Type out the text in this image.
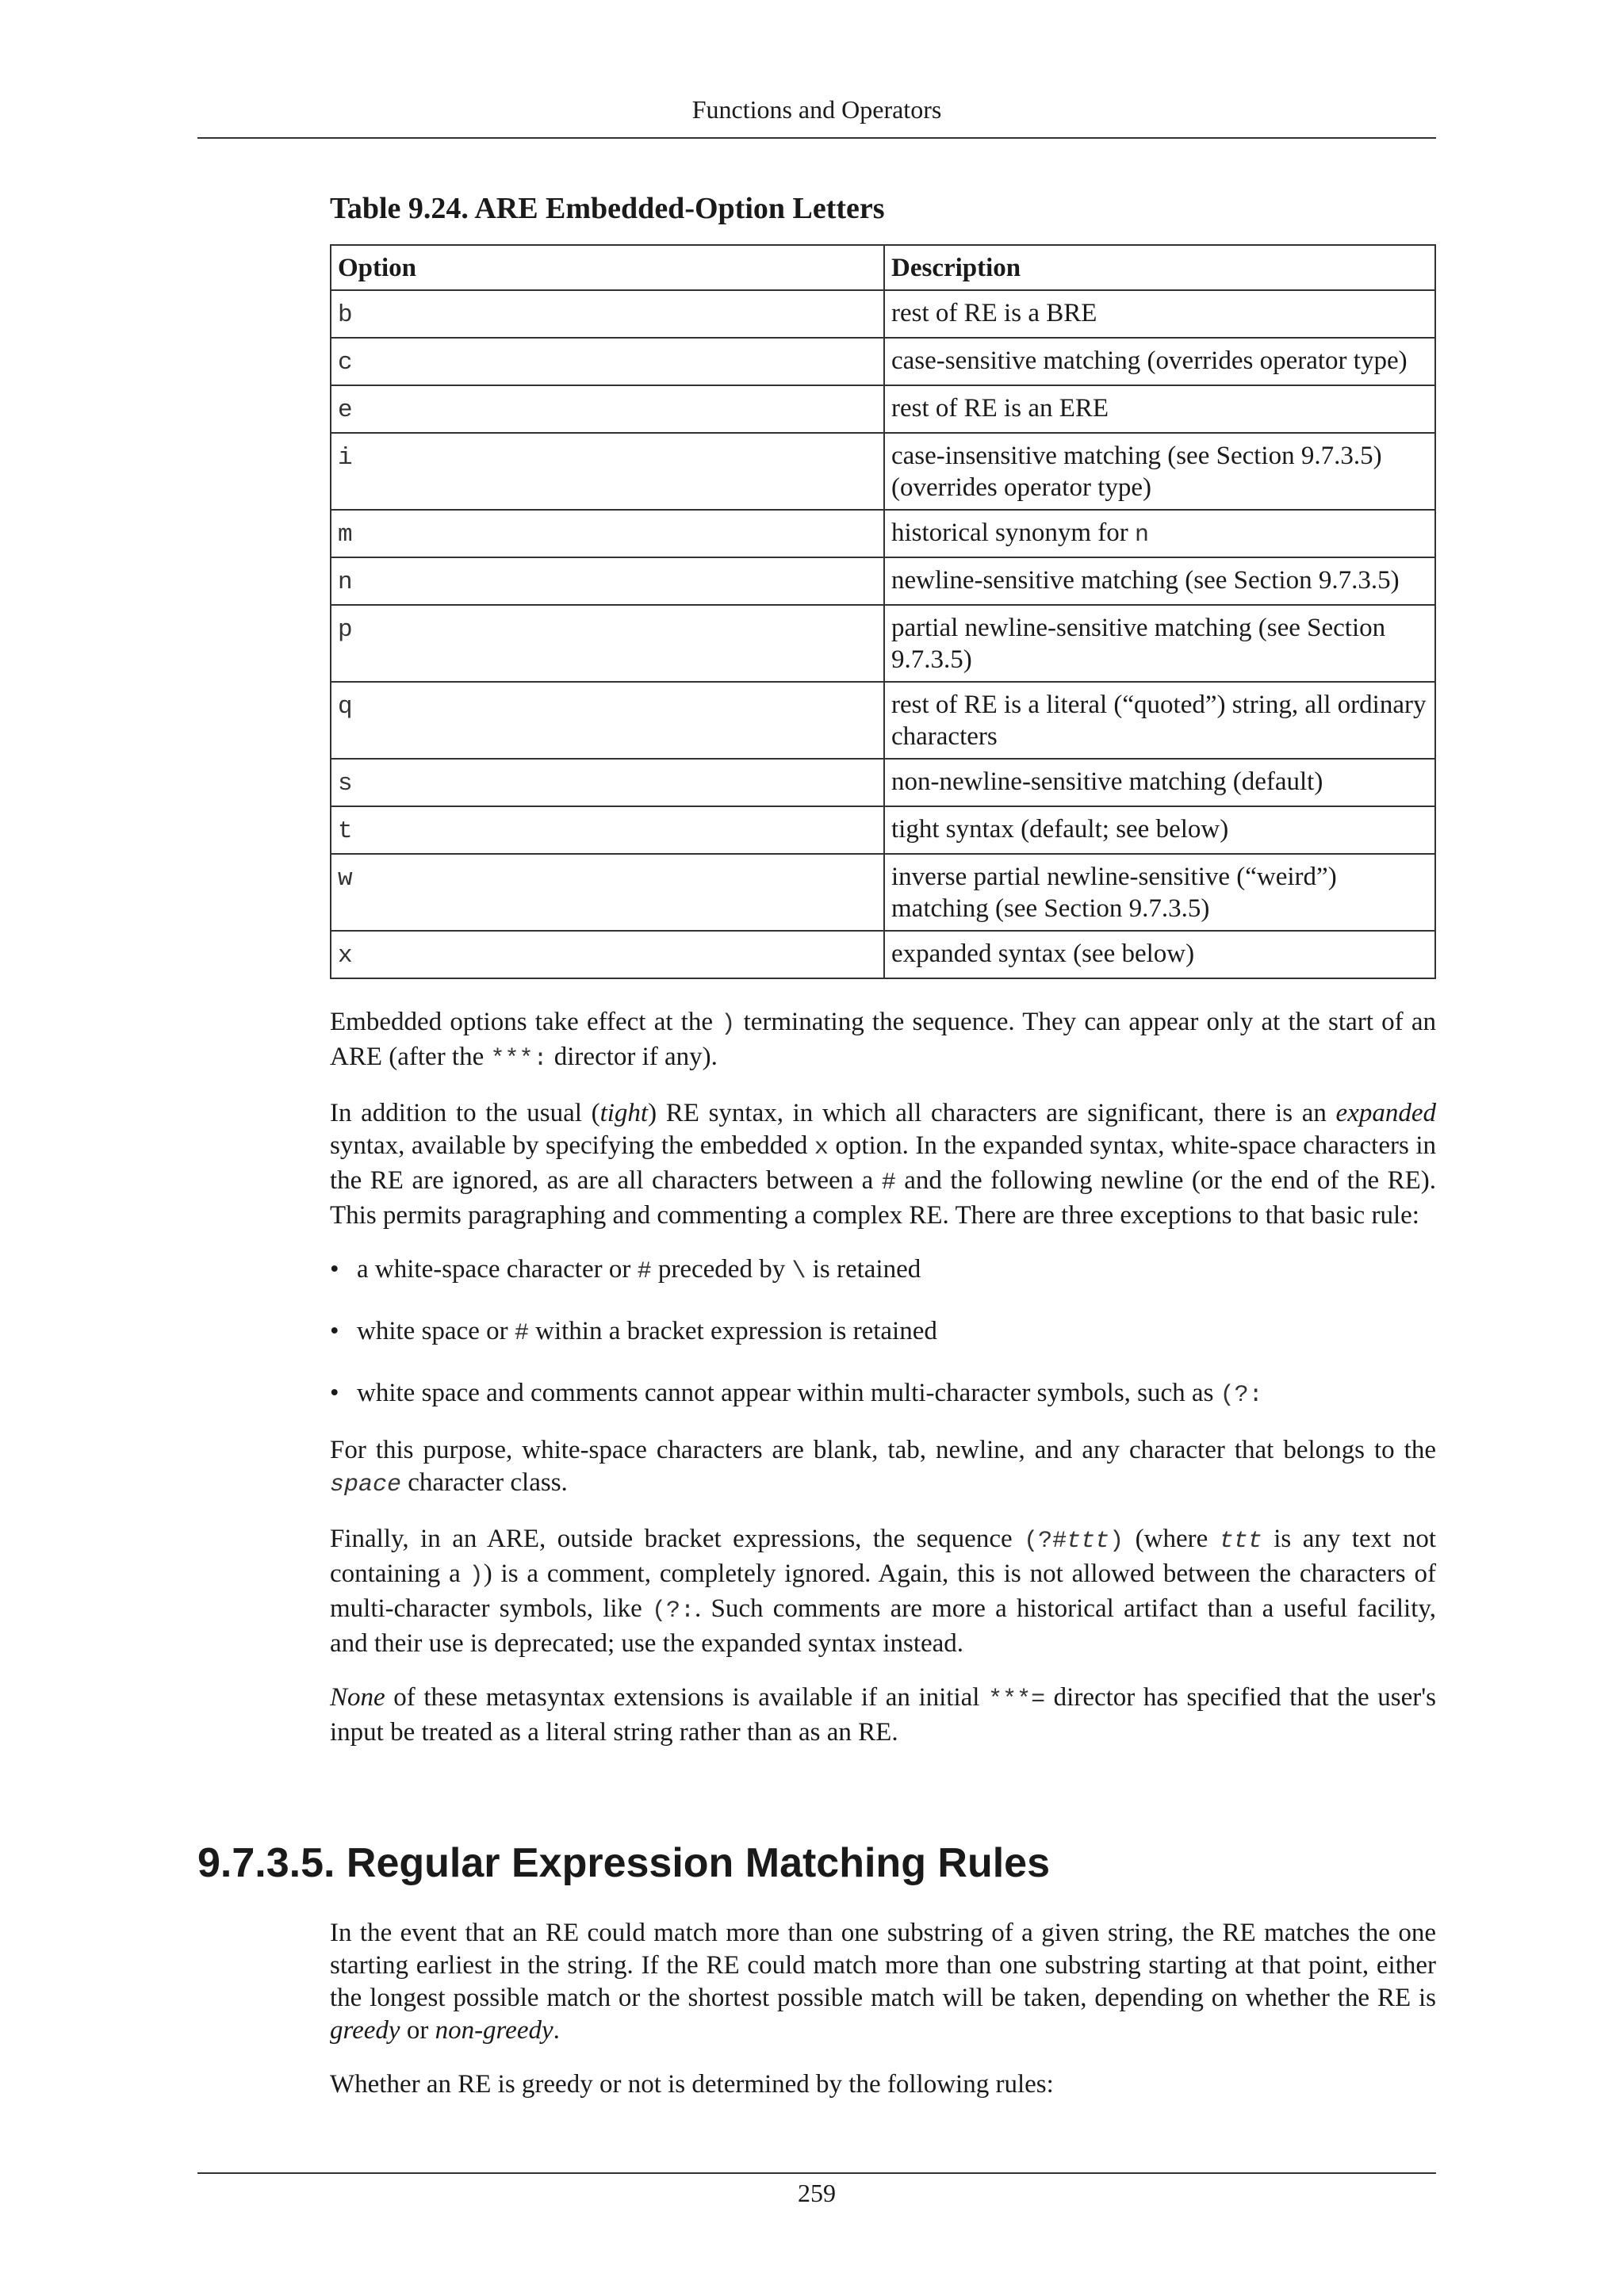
Functions and Operators
Table 9.24. ARE Embedded-Option Letters
Option	Description
b	rest of RE is a BRE
c	case-sensitive matching (overrides operator type)
e	rest of RE is an ERE
i	case-insensitive matching (see Section 9.7.3.5) (overrides operator type)
m	historical synonym for n
n	newline-sensitive matching (see Section 9.7.3.5)
p	partial newline-sensitive matching (see Section 9.7.3.5)
q	rest of RE is a literal (“quoted”) string, all ordinary characters
s	non-newline-sensitive matching (default)
t	tight syntax (default; see below)
w	inverse partial newline-sensitive (“weird”) matching (see Section 9.7.3.5)
x	expanded syntax (see below)

Embedded options take effect at the ) terminating the sequence. They can appear only at the start of an ARE (after the ***: director if any).

In addition to the usual (tight) RE syntax, in which all characters are significant, there is an expanded syntax, available by specifying the embedded x option. In the expanded syntax, white-space characters in the RE are ignored, as are all characters between a # and the following newline (or the end of the RE). This permits paragraphing and commenting a complex RE. There are three exceptions to that basic rule:

• a white-space character or # preceded by \ is retained
• white space or # within a bracket expression is retained
• white space and comments cannot appear within multi-character symbols, such as (?:

For this purpose, white-space characters are blank, tab, newline, and any character that belongs to the space character class.

Finally, in an ARE, outside bracket expressions, the sequence (?#ttt) (where ttt is any text not containing a )) is a comment, completely ignored. Again, this is not allowed between the characters of multi-character symbols, like (?:. Such comments are more a historical artifact than a useful facility, and their use is deprecated; use the expanded syntax instead.

None of these metasyntax extensions is available if an initial ***= director has specified that the user's input be treated as a literal string rather than as an RE.

9.7.3.5. Regular Expression Matching Rules

In the event that an RE could match more than one substring of a given string, the RE matches the one starting earliest in the string. If the RE could match more than one substring starting at that point, either the longest possible match or the shortest possible match will be taken, depending on whether the RE is greedy or non-greedy.

Whether an RE is greedy or not is determined by the following rules:

259
